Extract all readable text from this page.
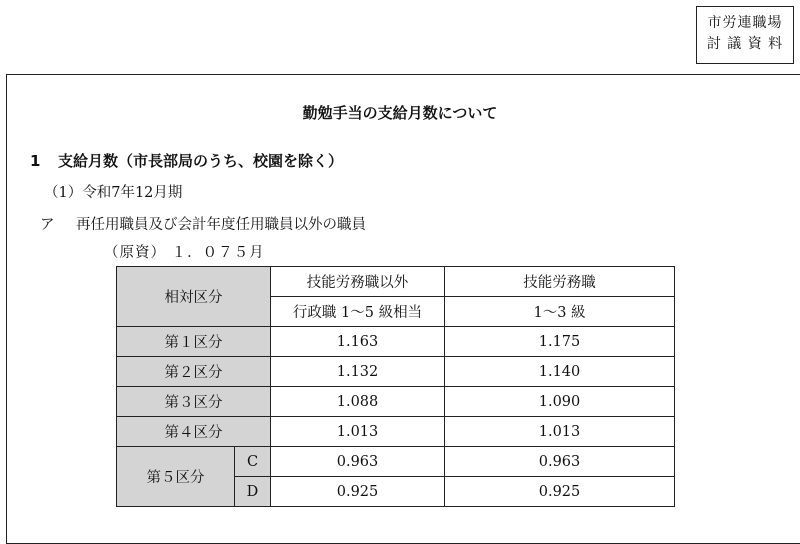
市労連職場
討 議 資 料
勤勉手当の支給月数について
1 支給月数（市長部局のうち、校園を除く）
（1）令和7年12月期
ア 再任用職員及び会計年度任用職員以外の職員
（原資） １．０７５月
相対区分		技能労務職以外	技能労務職
		行政職 1～5 級相当	1～3 級
第１区分		1.163	1.175
第２区分		1.132	1.140
第３区分		1.088	1.090
第４区分		1.013	1.013
第５区分	C	0.963	0.963
	D	0.925	0.925
